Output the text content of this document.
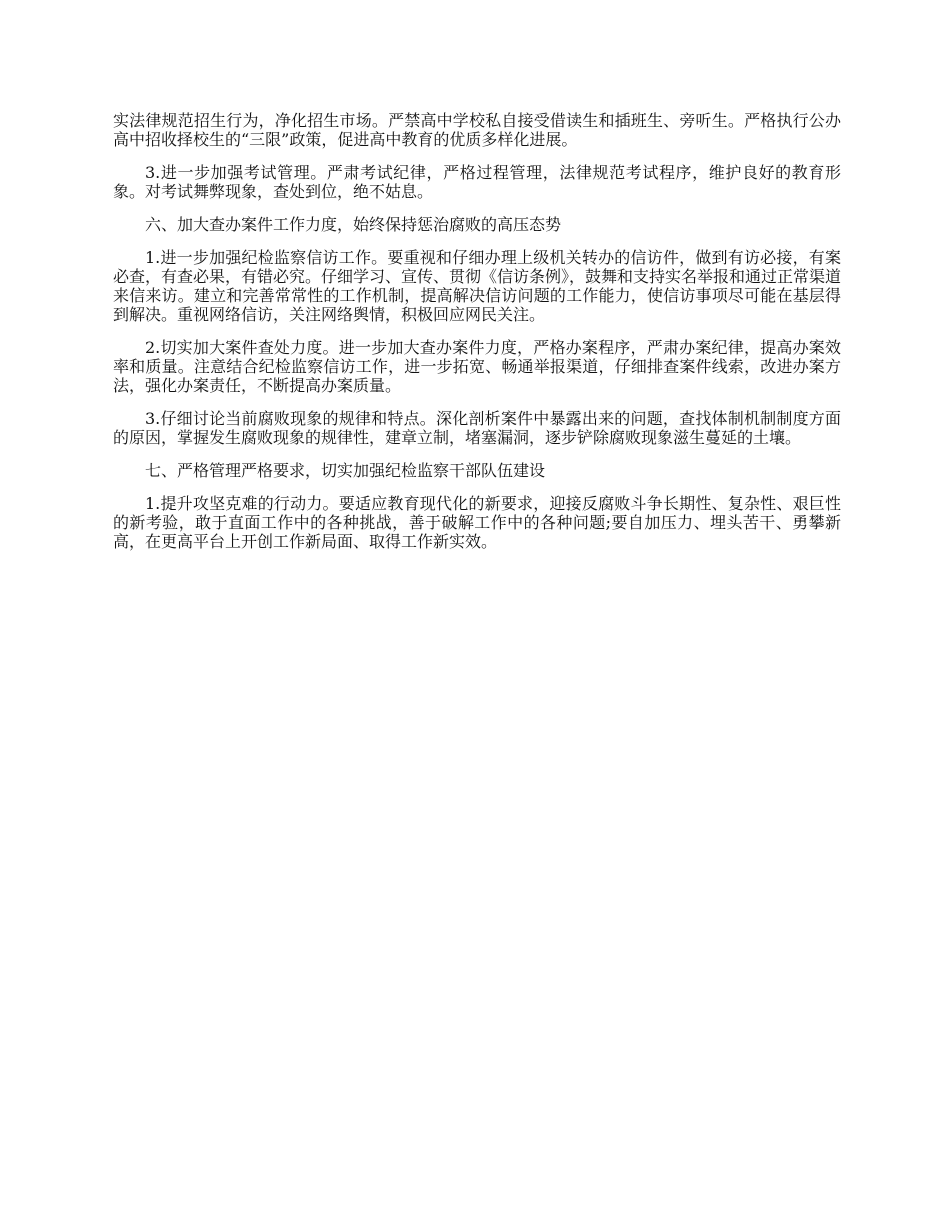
实法律规范招生行为，净化招生市场。严禁高中学校私自接受借读生和插班生、旁听生。严格执行公办高中招收择校生的“三限”政策，促进高中教育的优质多样化进展。

3.进一步加强考试管理。严肃考试纪律，严格过程管理，法律规范考试程序，维护良好的教育形象。对考试舞弊现象，查处到位，绝不姑息。

六、加大查办案件工作力度，始终保持惩治腐败的高压态势

1.进一步加强纪检监察信访工作。要重视和仔细办理上级机关转办的信访件，做到有访必接，有案必查，有查必果，有错必究。仔细学习、宣传、贯彻《信访条例》，鼓舞和支持实名举报和通过正常渠道来信来访。建立和完善常常性的工作机制，提高解决信访问题的工作能力，使信访事项尽可能在基层得到解决。重视网络信访，关注网络舆情，积极回应网民关注。

2.切实加大案件查处力度。进一步加大查办案件力度，严格办案程序，严肃办案纪律，提高办案效率和质量。注意结合纪检监察信访工作，进一步拓宽、畅通举报渠道，仔细排查案件线索，改进办案方法，强化办案责任，不断提高办案质量。

3.仔细讨论当前腐败现象的规律和特点。深化剖析案件中暴露出来的问题，查找体制机制制度方面的原因，掌握发生腐败现象的规律性，建章立制，堵塞漏洞，逐步铲除腐败现象滋生蔓延的土壤。

七、严格管理严格要求，切实加强纪检监察干部队伍建设

1.提升攻坚克难的行动力。要适应教育现代化的新要求，迎接反腐败斗争长期性、复杂性、艰巨性的新考验，敢于直面工作中的各种挑战，善于破解工作中的各种问题;要自加压力、埋头苦干、勇攀新高，在更高平台上开创工作新局面、取得工作新实效。
